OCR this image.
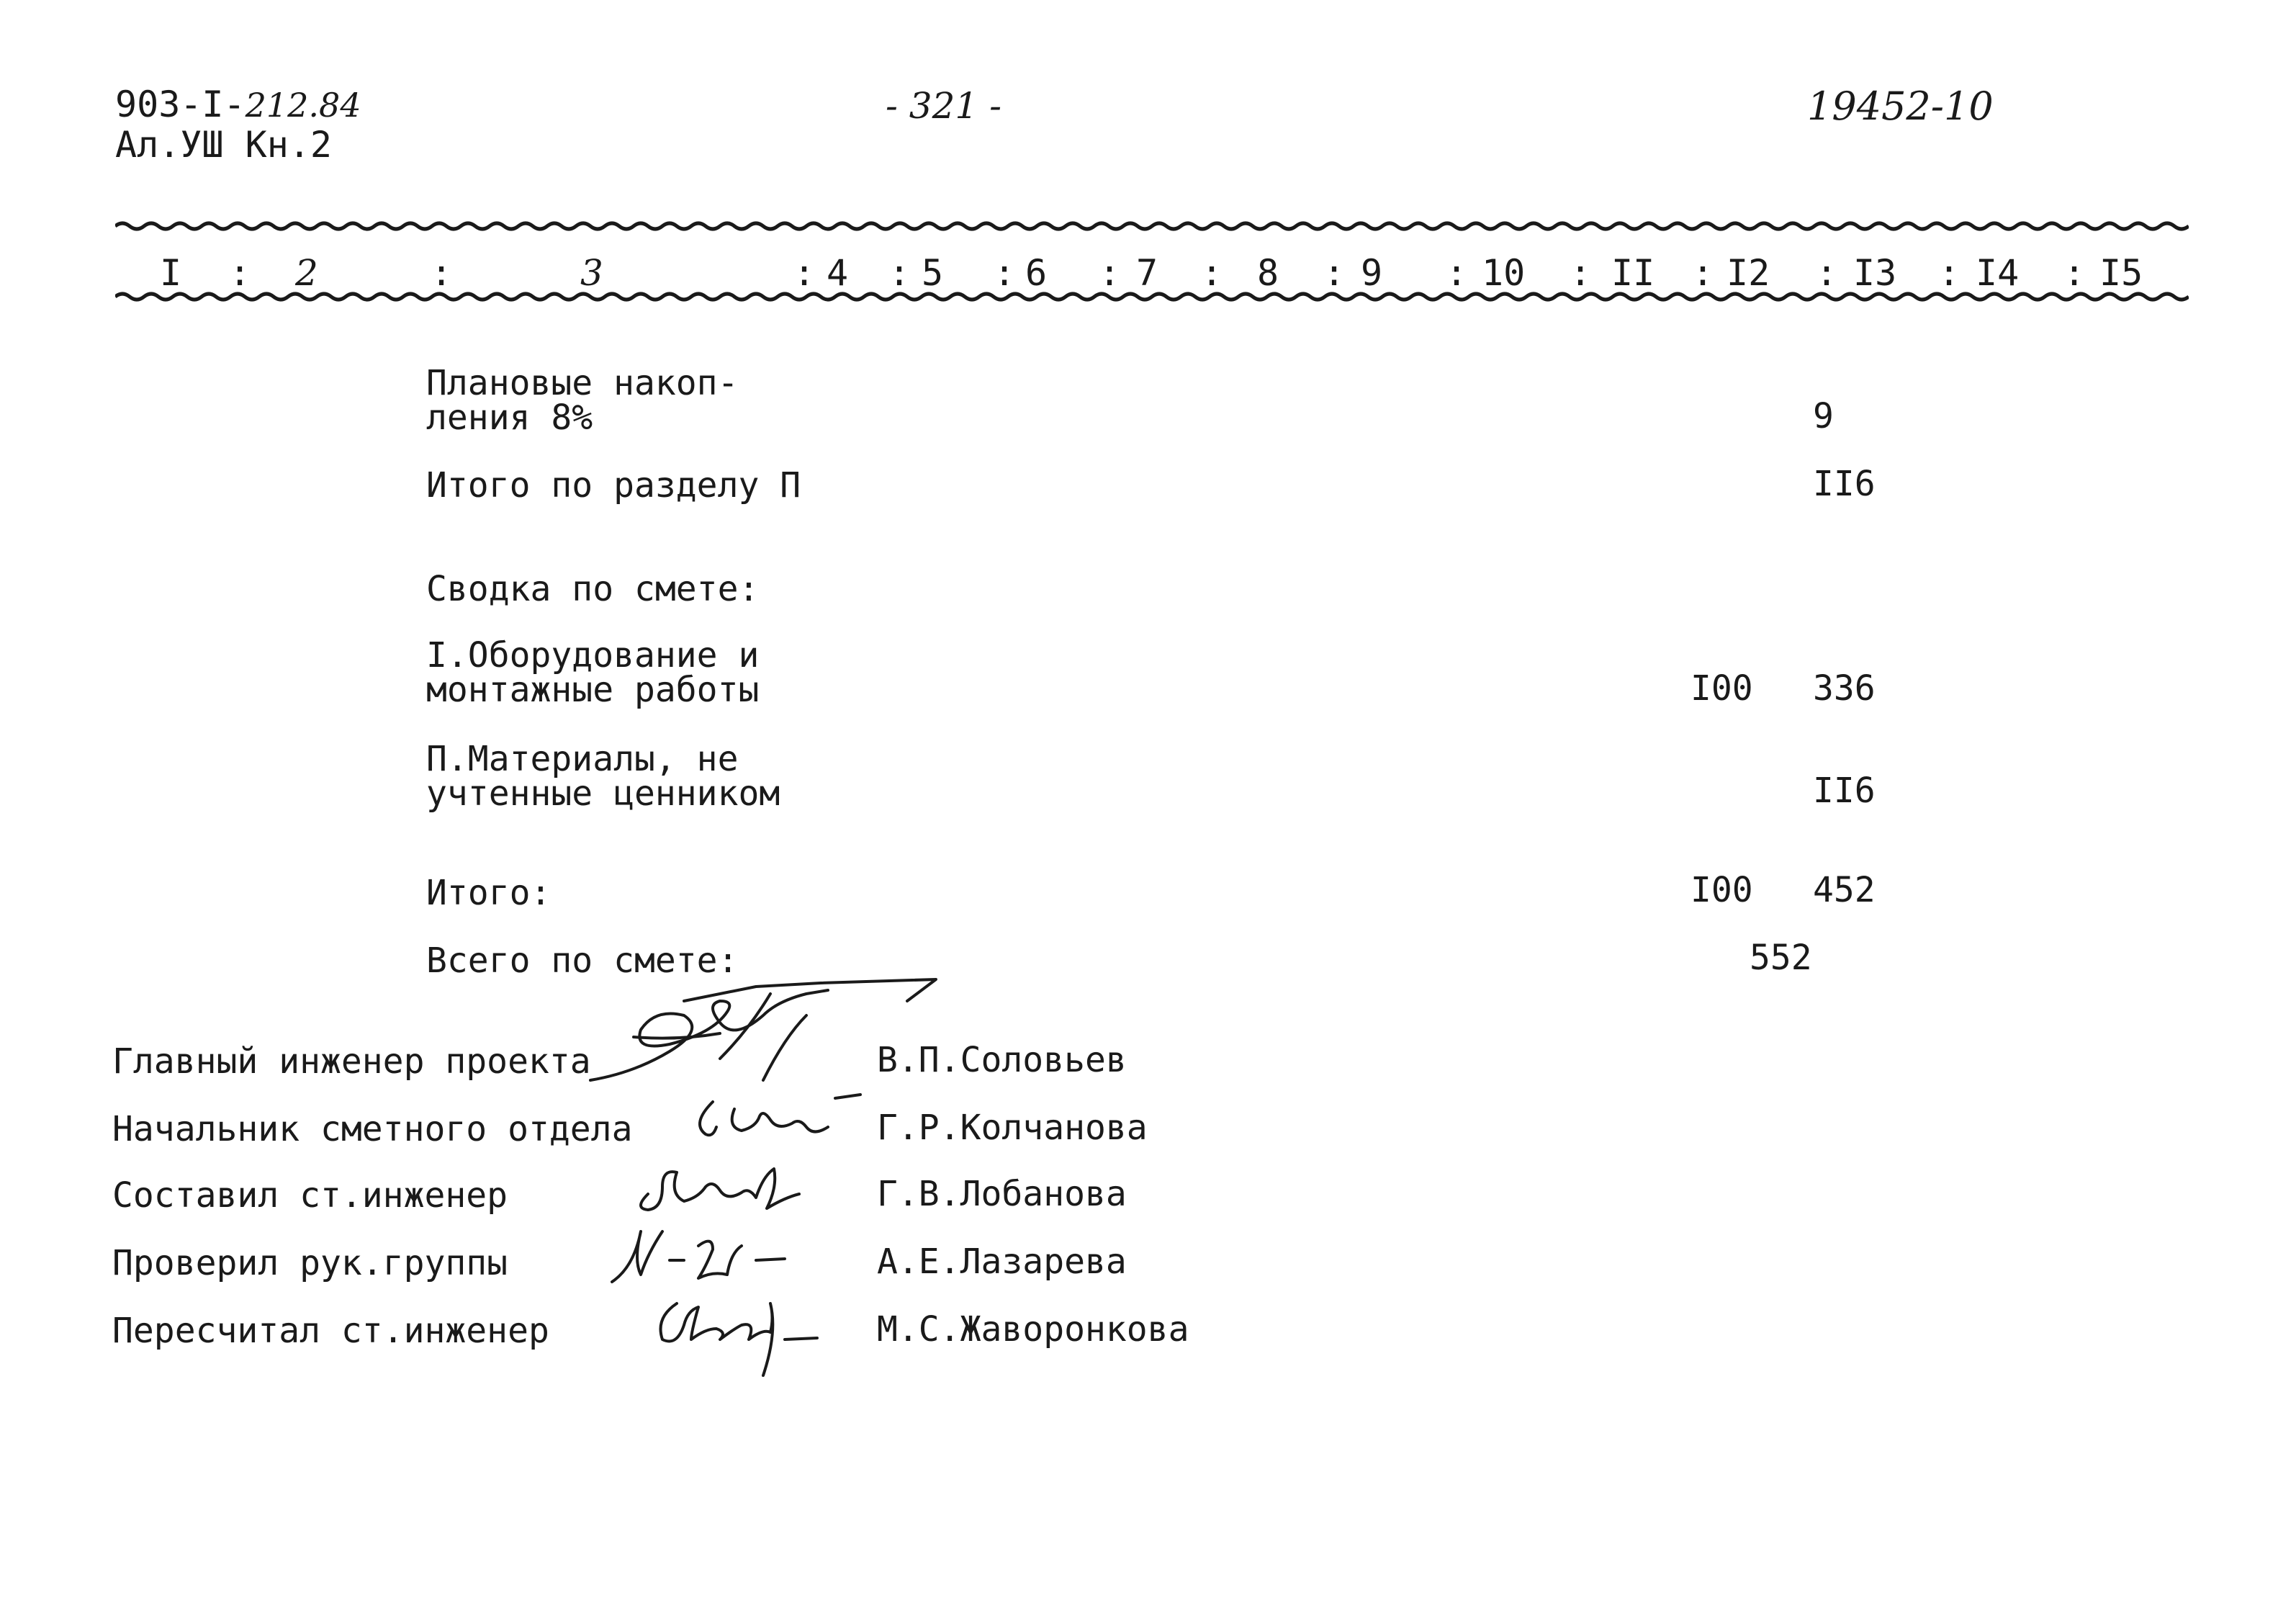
903-I-212.84
Ал.УШ Кн.2
- 321 -	19452-10
I : 2	:	3	: 4 : 5 : 6 : 7 : 8 : 9 : 10 : II : I2 : I3 : I4 : I5
Плановые накоп-
ления 8%	9
Итого по разделу П	II6
Сводка по смете:
I.Оборудование и
монтажные работы	I00 336
П.Материалы, не
учтенные ценником	II6
Итого:	I00 452
Всего по смете:	552
Главный инженер проекта	В.П.Соловьев
Начальник сметного отдела	Г.Р.Колчанова
Составил ст.инженер	Г.В.Лобанова
Проверил рук.группы	А.Е.Лазарева
Пересчитал ст.инженер	М.С.Жаворонкова
